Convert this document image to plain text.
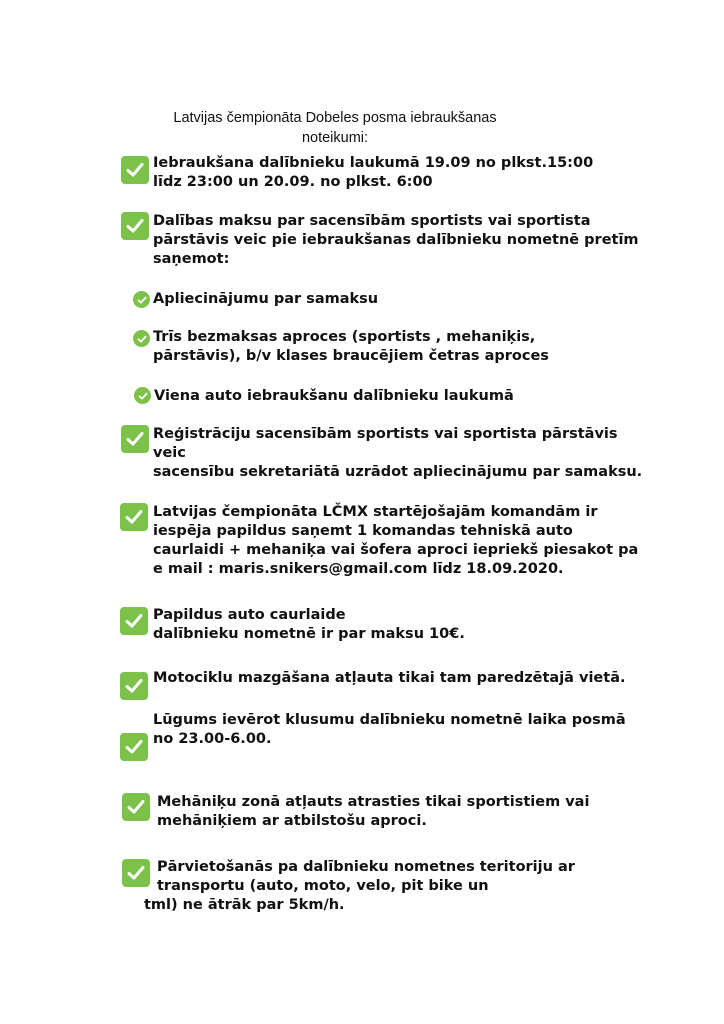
Latvijas čempionāta Dobeles posma iebraukšanas
noteikumi:
Iebraukšana dalībnieku laukumā 19.09 no plkst.15:00
līdz 23:00 un 20.09. no plkst. 6:00
Dalības maksu par sacensībām sportists vai sportista
pārstāvis veic pie iebraukšanas dalībnieku nometnē pretīm
saņemot:
Apliecinājumu par samaksu
Trīs bezmaksas aproces (sportists , mehaniķis,
pārstāvis), b/v klases braucējiem četras aproces
Viena auto iebraukšanu dalībnieku laukumā
Reģistrāciju sacensībām sportists vai sportista pārstāvis
veic
sacensību sekretariātā uzrādot apliecinājumu par samaksu.
Latvijas čempionāta LČMX startējošajām komandām ir
iespēja papildus saņemt 1 komandas tehniskā auto
caurlaidi + mehaniķa vai šofera aproci iepriekš piesakot pa
e mail : maris.snikers@gmail.com līdz 18.09.2020.
Papildus auto caurlaide
dalībnieku nometnē ir par maksu 10€.
Motociklu mazgāšana atļauta tikai tam paredzētajā vietā.
Lūgums ievērot klusumu dalībnieku nometnē laika posmā
no 23.00-6.00.
Mehāniķu zonā atļauts atrasties tikai sportistiem vai
mehāniķiem ar atbilstošu aproci.
Pārvietošanās pa dalībnieku nometnes teritoriju ar
transportu (auto, moto, velo, pit bike un
tml) ne ātrāk par 5km/h.
